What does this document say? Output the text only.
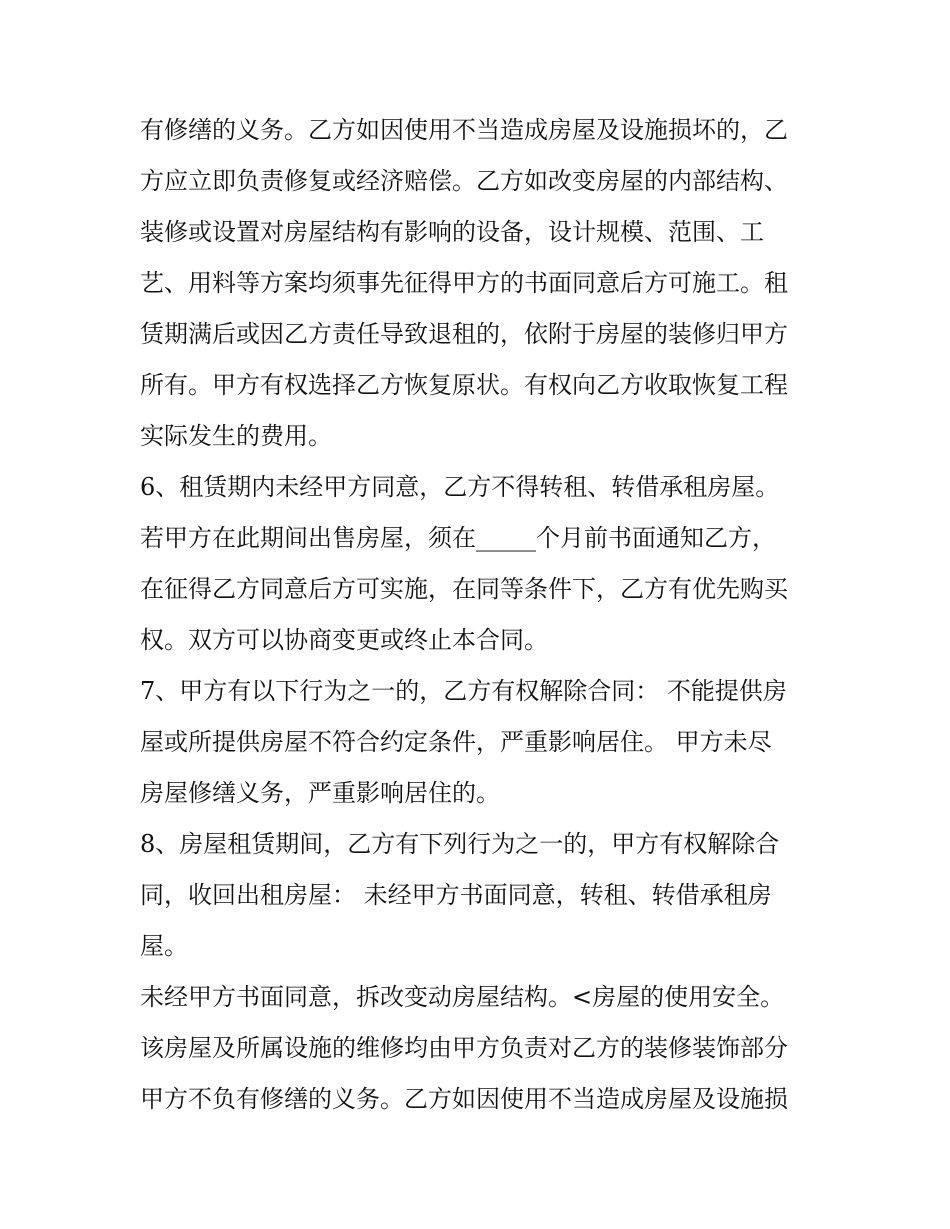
有修缮的义务。乙方如因使用不当造成房屋及设施损坏的，乙
方应立即负责修复或经济赔偿。乙方如改变房屋的内部结构、
装修或设置对房屋结构有影响的设备，设计规模、范围、工
艺、用料等方案均须事先征得甲方的书面同意后方可施工。租
赁期满后或因乙方责任导致退租的，依附于房屋的装修归甲方
所有。甲方有权选择乙方恢复原状。有权向乙方收取恢复工程
实际发生的费用。
6、租赁期内未经甲方同意，乙方不得转租、转借承租房屋。
若甲方在此期间出售房屋，须在_____个月前书面通知乙方，
在征得乙方同意后方可实施，在同等条件下，乙方有优先购买
权。双方可以协商变更或终止本合同。
7、甲方有以下行为之一的，乙方有权解除合同： 不能提供房
屋或所提供房屋不符合约定条件，严重影响居住。 甲方未尽
房屋修缮义务，严重影响居住的。
8、房屋租赁期间，乙方有下列行为之一的，甲方有权解除合
同，收回出租房屋： 未经甲方书面同意，转租、转借承租房
屋。
未经甲方书面同意，拆改变动房屋结构。<房屋的使用安全。
该房屋及所属设施的维修均由甲方负责对乙方的装修装饰部分
甲方不负有修缮的义务。乙方如因使用不当造成房屋及设施损
